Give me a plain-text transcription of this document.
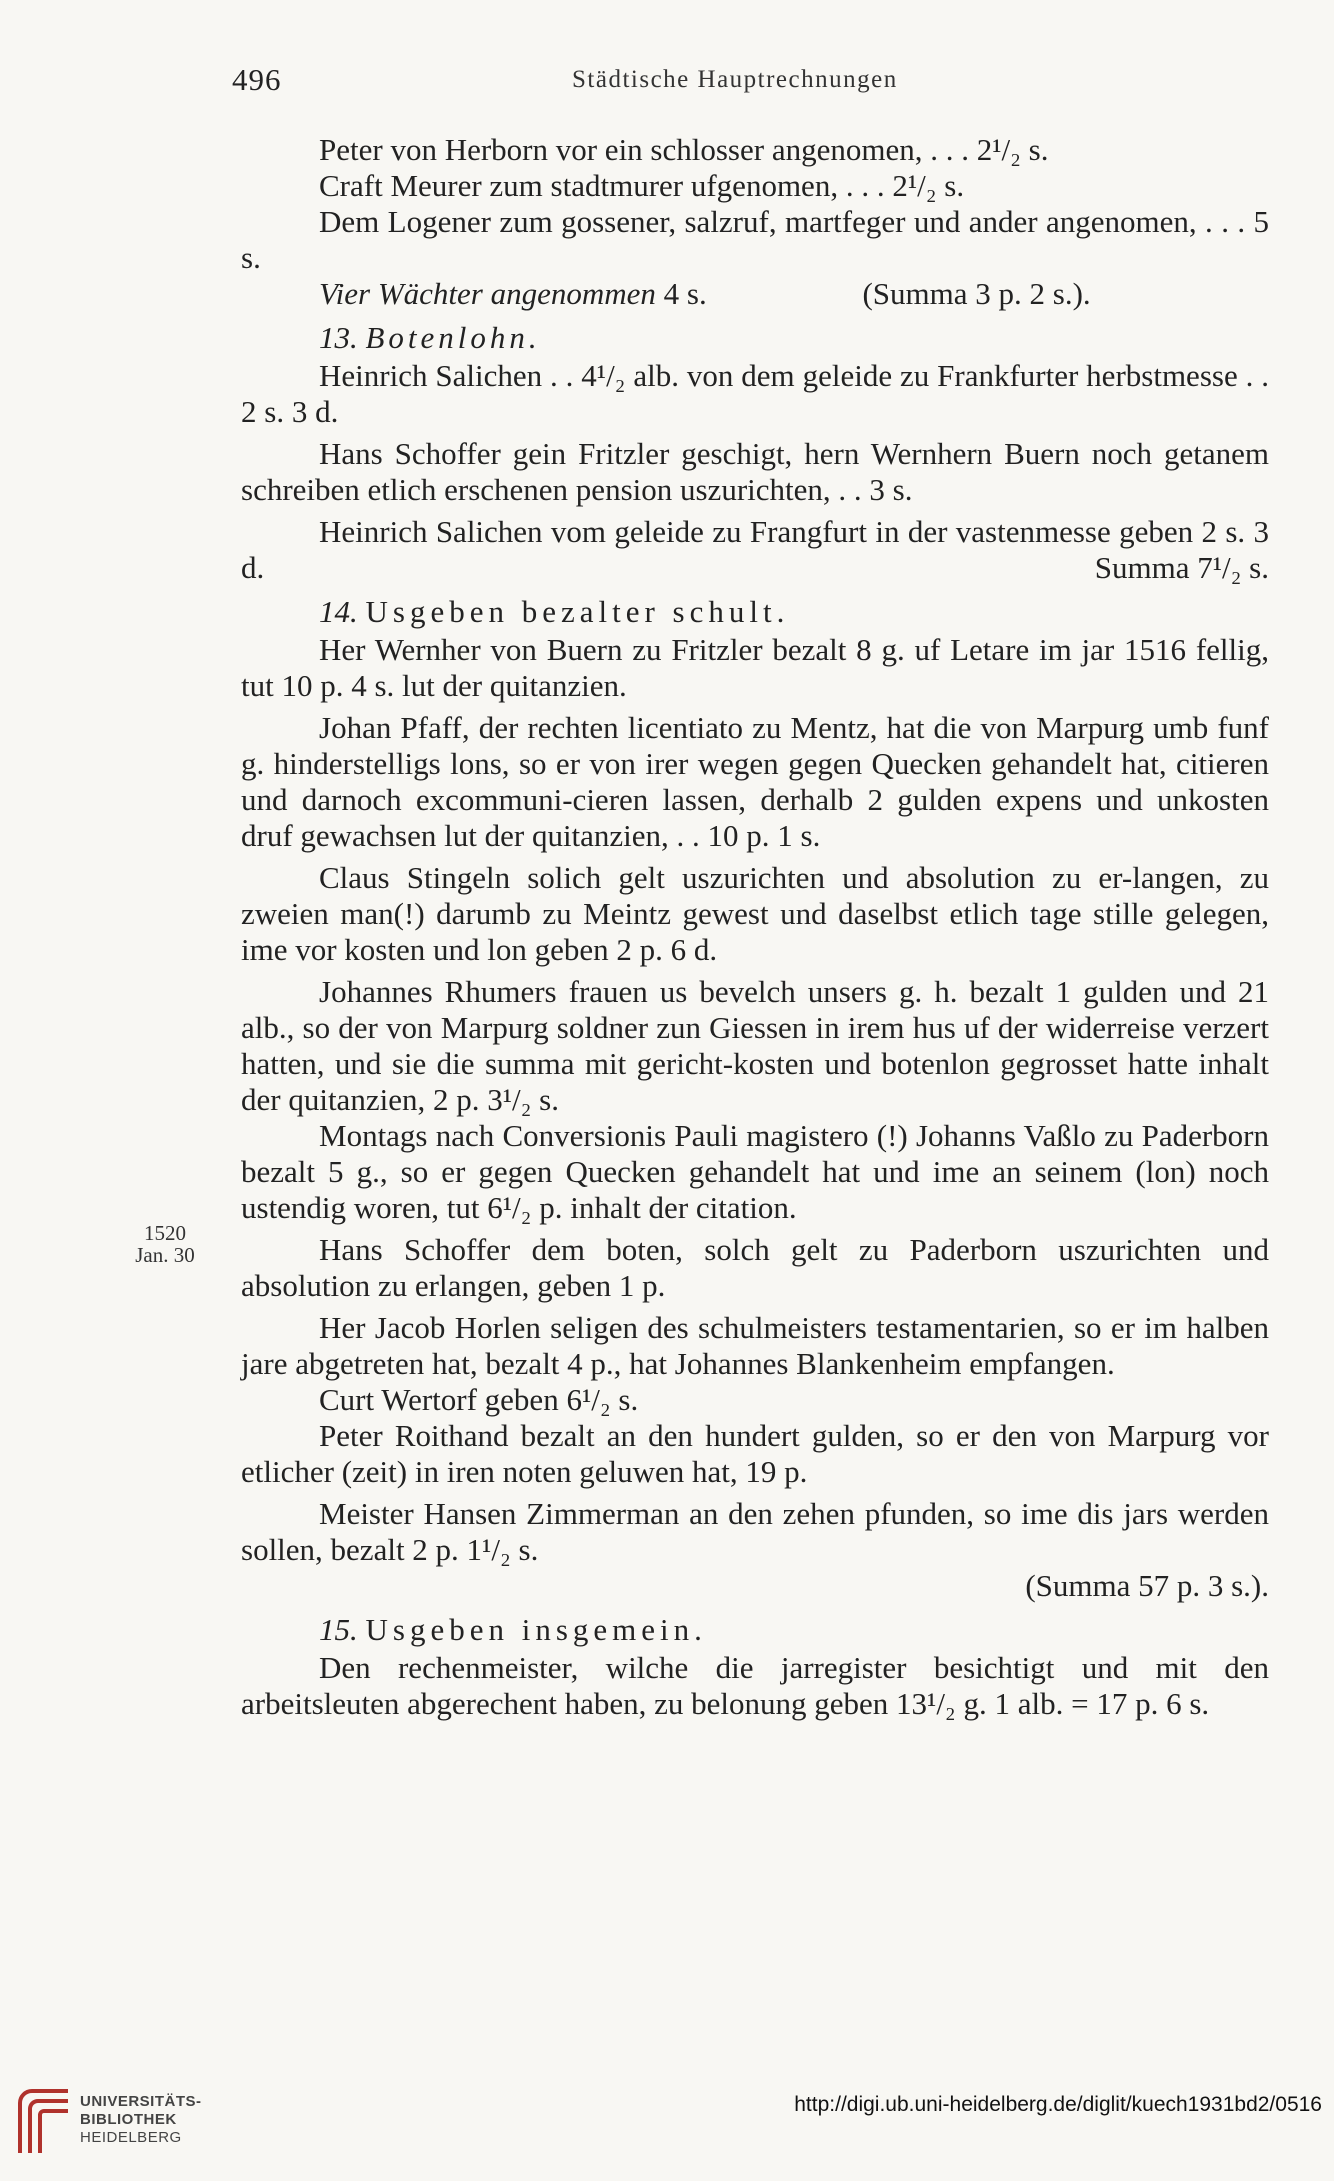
496	Städtische Hauptrechnungen

Peter von Herborn vor ein schlosser angenomen, . . . 2¹/₂ s.

Craft Meurer zum stadtmurer ufgenomen, . . . 2¹/₂ s.

Dem Logener zum gossener, salzruf, martfeger und ander angenomen, . . . 5 s.

Vier Wächter angenommen 4 s.	(Summa 3 p. 2 s.).

13. Botenlohn.

Heinrich Salichen . . 4¹/₂ alb. von dem geleide zu Frankfurter herbstmesse . . 2 s. 3 d.

Hans Schoffer gein Fritzler geschigt, hern Wernhern Buern noch getanem schreiben etlich erschenen pension uszurichten, . . 3 s.

Heinrich Salichen vom geleide zu Frangfurt in der vastenmesse geben 2 s. 3 d.	Summa 7¹/₂ s.

14. Usgeben bezalter schult.

Her Wernher von Buern zu Fritzler bezalt 8 g. uf Letare im jar 1516 fellig, tut 10 p. 4 s. lut der quitanzien.

Johan Pfaff, der rechten licentiato zu Mentz, hat die von Marpurg umb funf g. hinderstelligs lons, so er von irer wegen gegen Quecken gehandelt hat, citieren und darnoch excommuni-cieren lassen, derhalb 2 gulden expens und unkosten druf gewachsen lut der quitanzien, . . 10 p. 1 s.

Claus Stingeln solich gelt uszurichten und absolution zu er-langen, zu zweien man(!) darumb zu Meintz gewest und daselbst etlich tage stille gelegen, ime vor kosten und lon geben 2 p. 6 d.

Johannes Rhumers frauen us bevelch unsers g. h. bezalt 1 gulden und 21 alb., so der von Marpurg soldner zun Giessen in irem hus uf der widerreise verzert hatten, und sie die summa mit gericht-kosten und botenlon gegrosset hatte inhalt der quitanzien, 2 p. 3¹/₂ s.

Montags nach Conversionis Pauli magistero (!) Johanns Vaßlo zu Paderborn bezalt 5 g., so er gegen Quecken gehandelt hat und ime an seinem (lon) noch ustendig woren, tut 6¹/₂ p. inhalt der citation.

Hans Schoffer dem boten, solch gelt zu Paderborn uszurichten und absolution zu erlangen, geben 1 p.

Her Jacob Horlen seligen des schulmeisters testamentarien, so er im halben jare abgetreten hat, bezalt 4 p., hat Johannes Blankenheim empfangen.

Curt Wertorf geben 6¹/₂ s.

Peter Roithand bezalt an den hundert gulden, so er den von Marpurg vor etlicher (zeit) in iren noten geluwen hat, 19 p.

Meister Hansen Zimmerman an den zehen pfunden, so ime dis jars werden sollen, bezalt 2 p. 1¹/₂ s.

(Summa 57 p. 3 s.).

15. Usgeben insgemein.

Den rechenmeister, wilche die jarregister besichtigt und mit den arbeitsleuten abgerechent haben, zu belonung geben 13¹/₂ g. 1 alb. = 17 p. 6 s.

1520
Jan. 30
UNIVERSITÄTS-
BIBLIOTHEK
HEIDELBERG
http://digi.ub.uni-heidelberg.de/diglit/kuech1931bd2/0516
